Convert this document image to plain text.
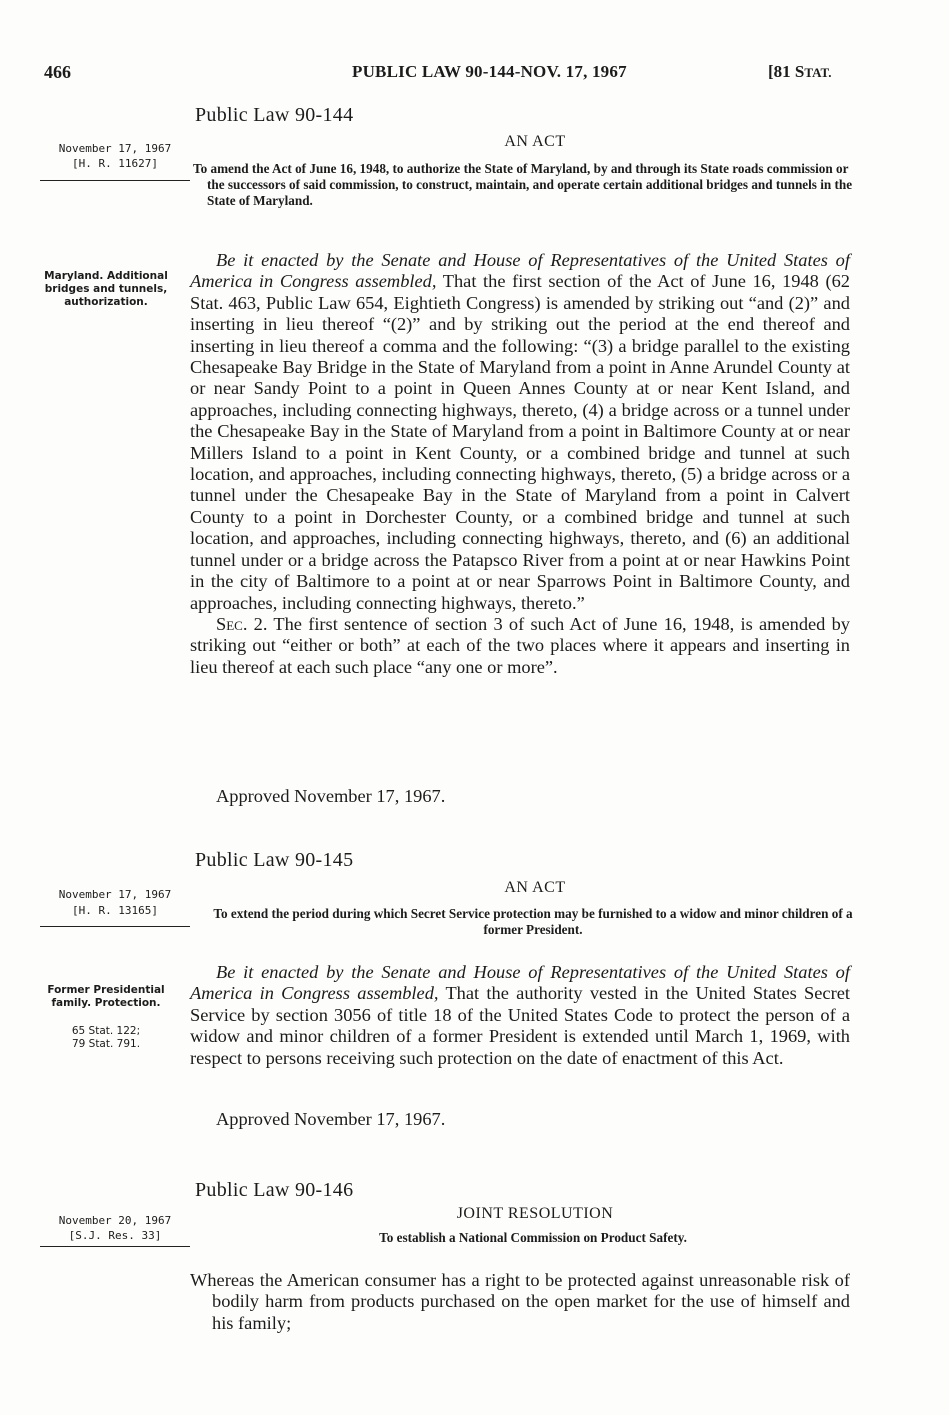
466	PUBLIC LAW 90-144-NOV. 17, 1967	[81 STAT.
Public Law 90-144
November 17, 1967
[H. R. 11627]
AN ACT
To amend the Act of June 16, 1948, to authorize the State of Maryland, by and through its State roads commission or the successors of said commission, to construct, maintain, and operate certain additional bridges and tunnels in the State of Maryland.
Maryland. Additional bridges and tunnels, authorization.

Be it enacted by the Senate and House of Representatives of the United States of America in Congress assembled, That the first section of the Act of June 16, 1948 (62 Stat. 463, Public Law 654, Eightieth Congress) is amended by striking out “and (2)” and inserting in lieu thereof “(2)” and by striking out the period at the end thereof and inserting in lieu thereof a comma and the following: “(3) a bridge parallel to the existing Chesapeake Bay Bridge in the State of Maryland from a point in Anne Arundel County at or near Sandy Point to a point in Queen Annes County at or near Kent Island, and approaches, including connecting highways, thereto, (4) a bridge across or a tunnel under the Chesapeake Bay in the State of Maryland from a point in Baltimore County at or near Millers Island to a point in Kent County, or a combined bridge and tunnel at such location, and approaches, including connecting highways, thereto, (5) a bridge across or a tunnel under the Chesapeake Bay in the State of Maryland from a point in Calvert County to a point in Dorchester County, or a combined bridge and tunnel at such location, and approaches, including connecting highways, thereto, and (6) an additional tunnel under or a bridge across the Patapsco River from a point at or near Hawkins Point in the city of Baltimore to a point at or near Sparrows Point in Baltimore County, and approaches, including connecting highways, thereto.”

Sec. 2. The first sentence of section 3 of such Act of June 16, 1948, is amended by striking out “either or both” at each of the two places where it appears and inserting in lieu thereof at each such place “any one or more”.

Approved November 17, 1967.
Public Law 90-145
November 17, 1967
[H. R. 13165]
AN ACT
To extend the period during which Secret Service protection may be furnished to a widow and minor children of a former President.
Former Presidential family. Protection.
65 Stat. 122;
79 Stat. 791.

Be it enacted by the Senate and House of Representatives of the United States of America in Congress assembled, That the authority vested in the United States Secret Service by section 3056 of title 18 of the United States Code to protect the person of a widow and minor children of a former President is extended until March 1, 1969, with respect to persons receiving such protection on the date of enactment of this Act.

Approved November 17, 1967.
Public Law 90-146
November 20, 1967
[S.J. Res. 33]
JOINT RESOLUTION
To establish a National Commission on Product Safety.

Whereas the American consumer has a right to be protected against unreasonable risk of bodily harm from products purchased on the open market for the use of himself and his family;
